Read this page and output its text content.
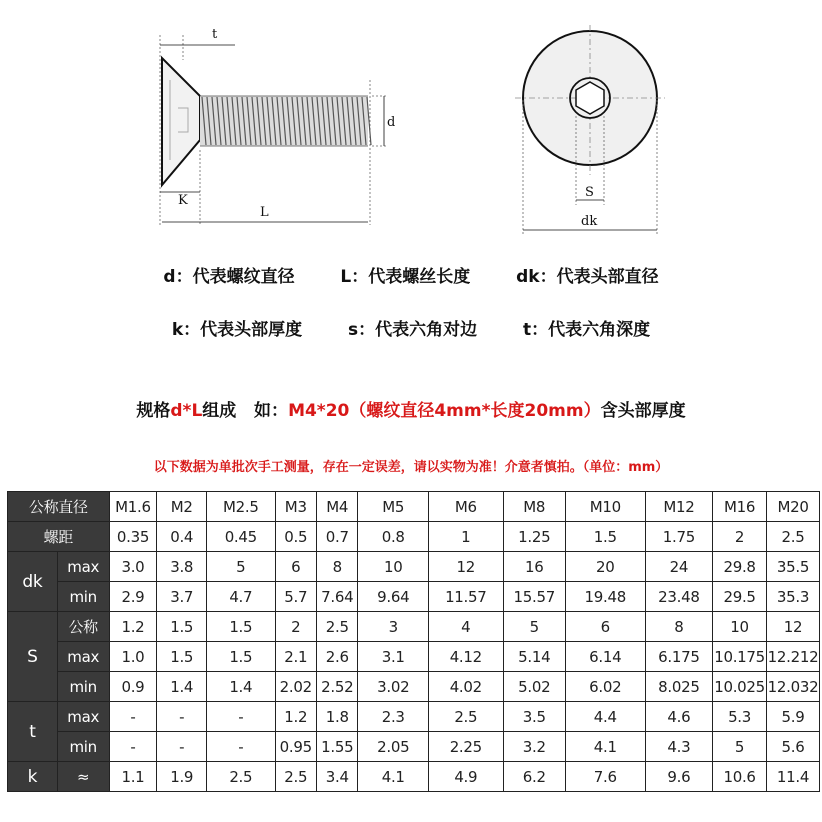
t
d
K
L
S
dk
d：代表螺纹直径	L：代表螺丝长度	dk：代表头部直径
k：代表头部厚度	s：代表六角对边	t：代表六角深度
规格d*L组成   如：M4*20（螺纹直径4mm*长度20mm）含头部厚度
以下数据为单批次手工测量，存在一定误差，请以实物为准！介意者慎拍。（单位：mm）
公称直径		M1.6	M2	M2.5	M3	M4	M5	M6	M8	M10	M12	M16	M20
螺距		0.35	0.4	0.45	0.5	0.7	0.8	1	1.25	1.5	1.75	2	2.5
dk	max	3.0	3.8	5	6	8	10	12	16	20	24	29.8	35.5
	min	2.9	3.7	4.7	5.7	7.64	9.64	11.57	15.57	19.48	23.48	29.5	35.3
S	公称	1.2	1.5	1.5	2	2.5	3	4	5	6	8	10	12
	max	1.0	1.5	1.5	2.1	2.6	3.1	4.12	5.14	6.14	6.175	10.175	12.212
	min	0.9	1.4	1.4	2.02	2.52	3.02	4.02	5.02	6.02	8.025	10.025	12.032
t	max	-	-	-	1.2	1.8	2.3	2.5	3.5	4.4	4.6	5.3	5.9
	min	-	-	-	0.95	1.55	2.05	2.25	3.2	4.1	4.3	5	5.6
k	≈	1.1	1.9	2.5	2.5	3.4	4.1	4.9	6.2	7.6	9.6	10.6	11.4
